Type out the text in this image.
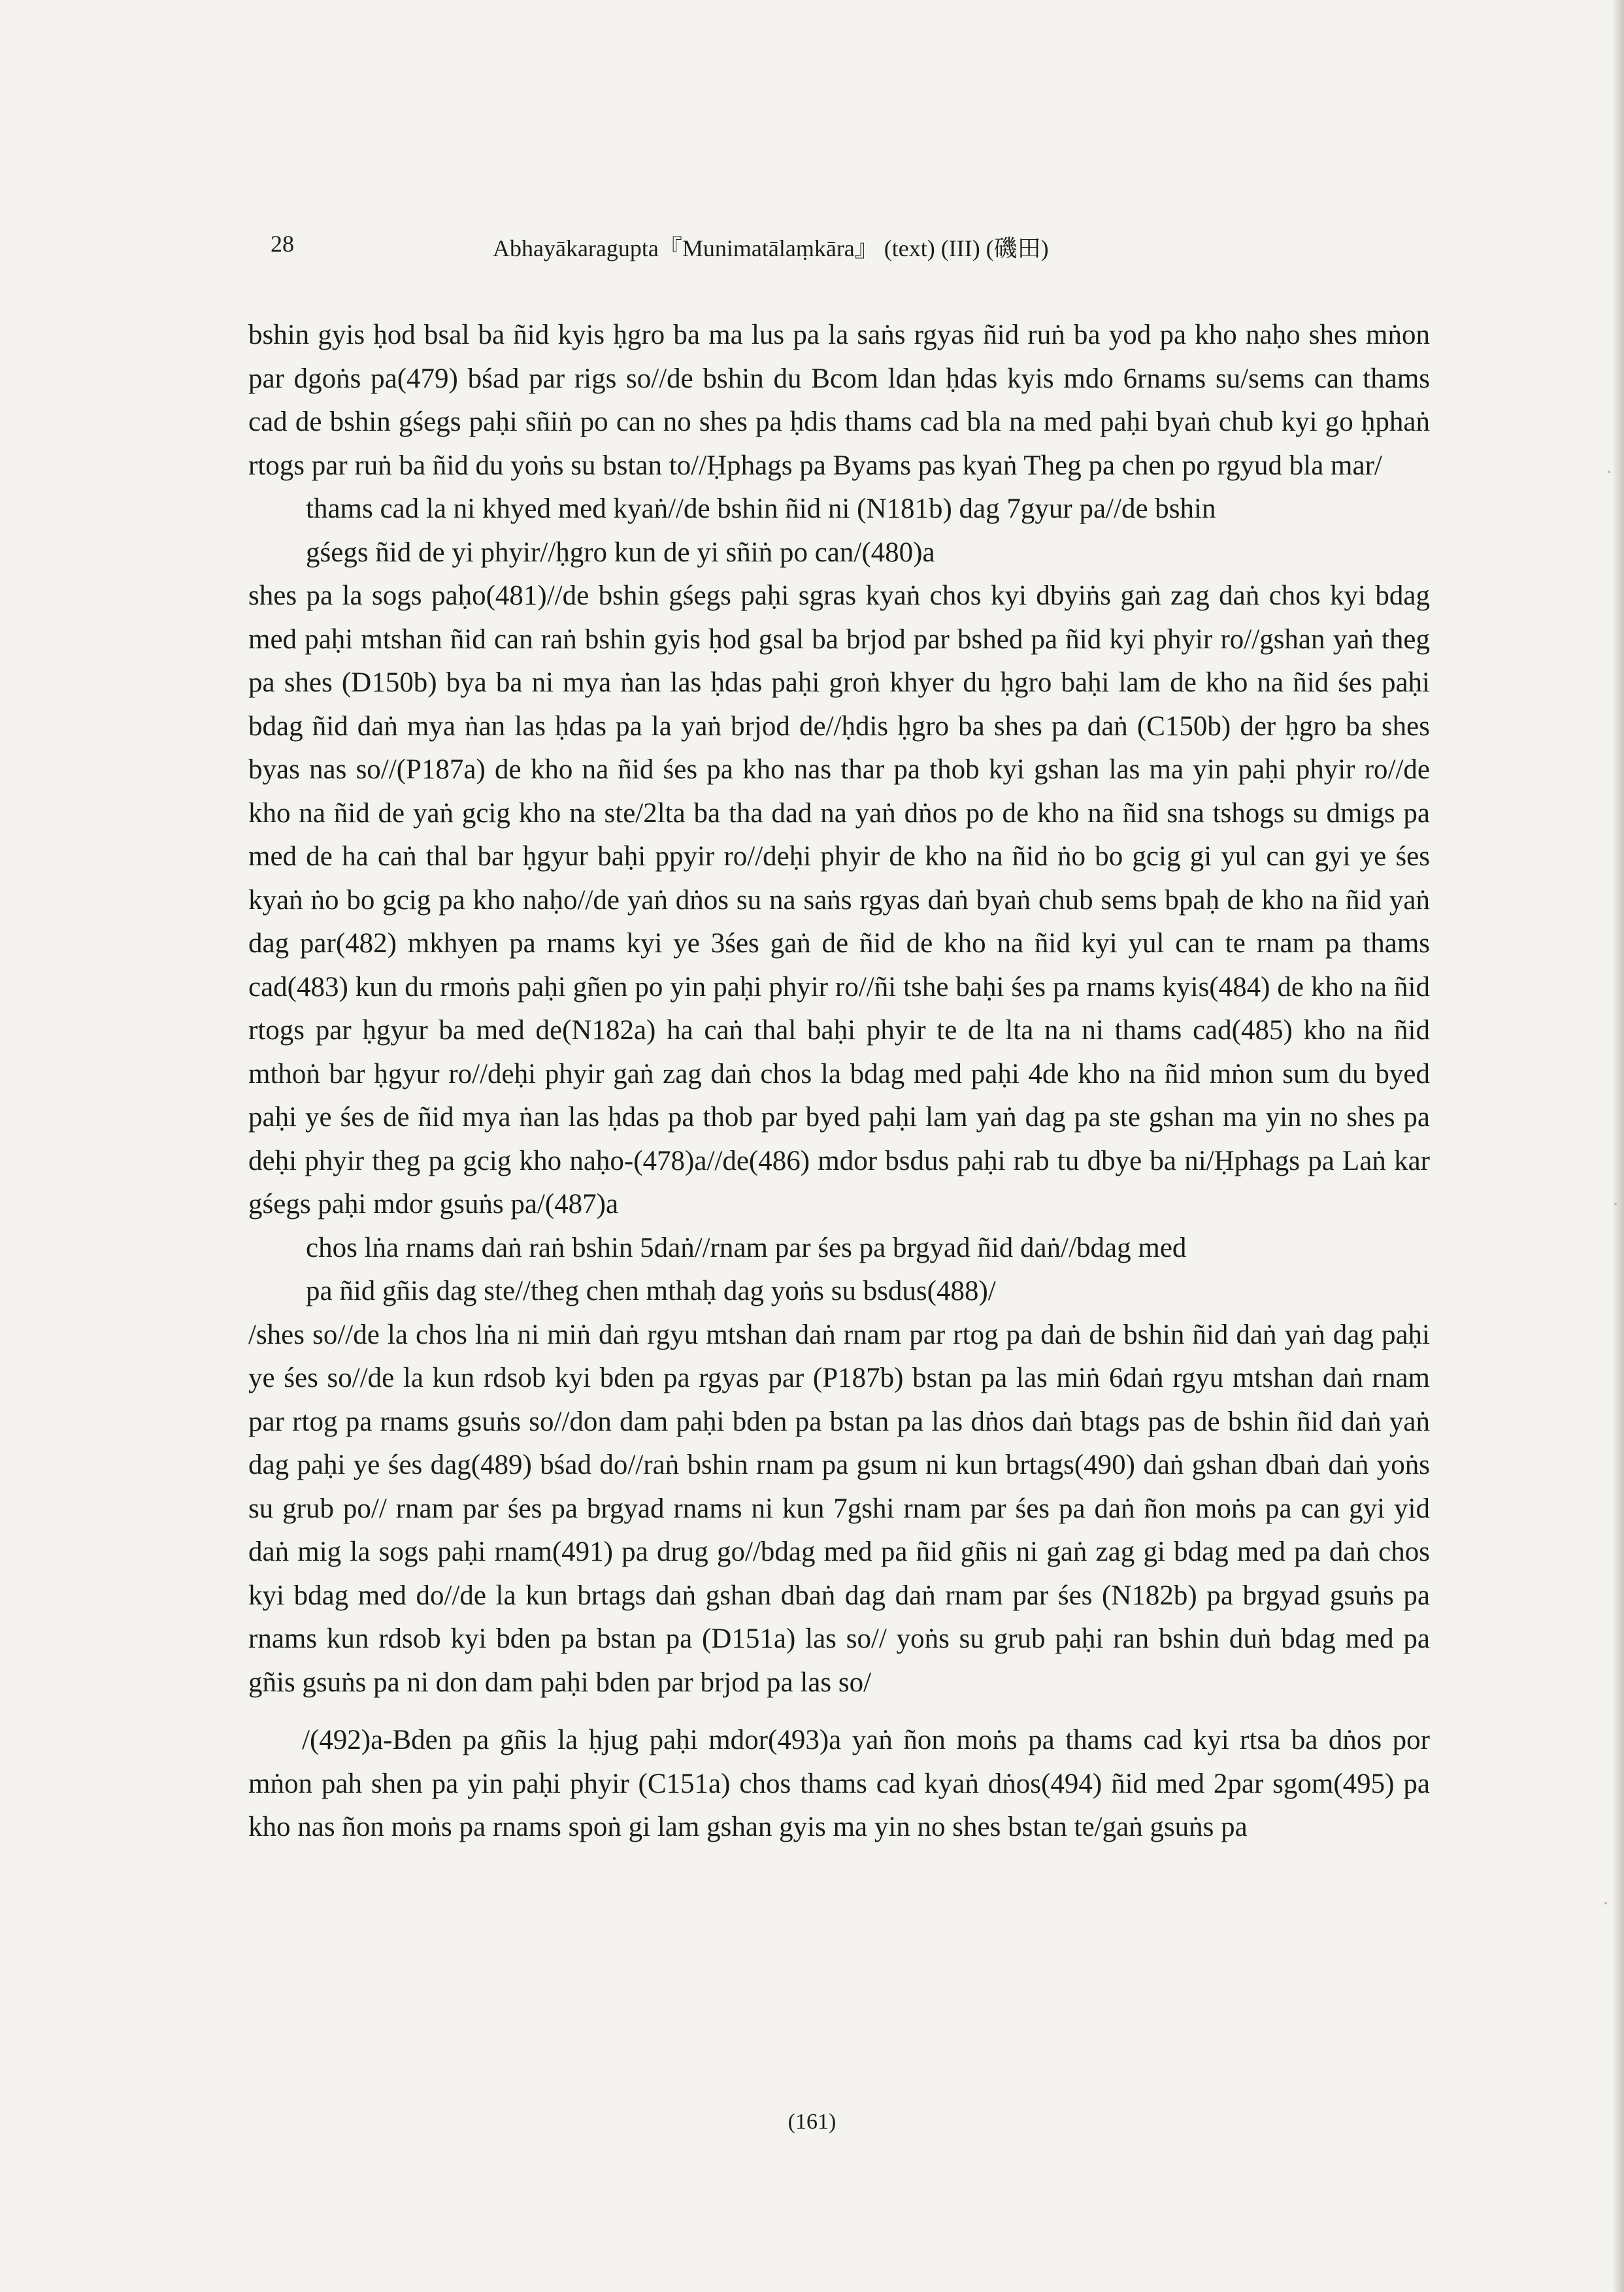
28	Abhayākaragupta『Munimatālaṃkāra』 (text) (III) (磯田)

bshin gyis ḥod bsal ba ñid kyis ḥgro ba ma lus pa la saṅs rgyas ñid ruṅ ba yod pa kho naḥo shes mṅon par dgoṅs pa(479) bśad par rigs so//de bshin du Bcom ldan ḥdas kyis mdo 6rnams su/sems can thams cad de bshin gśegs paḥi sñiṅ po can no shes pa ḥdis thams cad bla na med paḥi byaṅ chub kyi go ḥphaṅ rtogs par ruṅ ba ñid du yoṅs su bstan to//Ḥphags pa Byams pas kyaṅ Theg pa chen po rgyud bla mar/

thams cad la ni khyed med kyaṅ//de bshin ñid ni (N181b) dag 7gyur pa//de bshin

gśegs ñid de yi phyir//ḥgro kun de yi sñiṅ po can/(480)a

shes pa la sogs paḥo(481)//de bshin gśegs paḥi sgras kyaṅ chos kyi dbyiṅs gaṅ zag daṅ chos kyi bdag med paḥi mtshan ñid can raṅ bshin gyis ḥod gsal ba brjod par bshed pa ñid kyi phyir ro//gshan yaṅ theg pa shes (D150b) bya ba ni mya ṅan las ḥdas paḥi groṅ khyer du ḥgro baḥi lam de kho na ñid śes paḥi bdag ñid daṅ mya ṅan las ḥdas pa la yaṅ brjod de//ḥdis ḥgro ba shes pa daṅ (C150b) der ḥgro ba shes byas nas so//(P187a) de kho na ñid śes pa kho nas thar pa thob kyi gshan las ma yin paḥi phyir ro//de kho na ñid de yaṅ gcig kho na ste/2lta ba tha dad na yaṅ dṅos po de kho na ñid sna tshogs su dmigs pa med de ha caṅ thal bar ḥgyur baḥi ppyir ro//deḥi phyir de kho na ñid ṅo bo gcig gi yul can gyi ye śes kyaṅ ṅo bo gcig pa kho naḥo//de yaṅ dṅos su na saṅs rgyas daṅ byaṅ chub sems bpaḥ de kho na ñid yaṅ dag par(482) mkhyen pa rnams kyi ye 3śes gaṅ de ñid de kho na ñid kyi yul can te rnam pa thams cad(483) kun du rmoṅs paḥi gñen po yin paḥi phyir ro//ñi tshe baḥi śes pa rnams kyis(484) de kho na ñid rtogs par ḥgyur ba med de(N182a) ha caṅ thal baḥi phyir te de lta na ni thams cad(485) kho na ñid mthoṅ bar ḥgyur ro//deḥi phyir gaṅ zag daṅ chos la bdag med paḥi 4de kho na ñid mṅon sum du byed paḥi ye śes de ñid mya ṅan las ḥdas pa thob par byed paḥi lam yaṅ dag pa ste gshan ma yin no shes pa deḥi phyir theg pa gcig kho naḥo-(478)a//de(486) mdor bsdus paḥi rab tu dbye ba ni/Ḥphags pa Laṅ kar gśegs paḥi mdor gsuṅs pa/(487)a

chos lṅa rnams daṅ raṅ bshin 5daṅ//rnam par śes pa brgyad ñid daṅ//bdag med

pa ñid gñis dag ste//theg chen mthaḥ dag yoṅs su bsdus(488)/

/shes so//de la chos lṅa ni miṅ daṅ rgyu mtshan daṅ rnam par rtog pa daṅ de bshin ñid daṅ yaṅ dag paḥi ye śes so//de la kun rdsob kyi bden pa rgyas par (P187b) bstan pa las miṅ 6daṅ rgyu mtshan daṅ rnam par rtog pa rnams gsuṅs so//don dam paḥi bden pa bstan pa las dṅos daṅ btags pas de bshin ñid daṅ yaṅ dag paḥi ye śes dag(489) bśad do//raṅ bshin rnam pa gsum ni kun brtags(490) daṅ gshan dbaṅ daṅ yoṅs su grub po// rnam par śes pa brgyad rnams ni kun 7gshi rnam par śes pa daṅ ñon moṅs pa can gyi yid daṅ mig la sogs paḥi rnam(491) pa drug go//bdag med pa ñid gñis ni gaṅ zag gi bdag med pa daṅ chos kyi bdag med do//de la kun brtags daṅ gshan dbaṅ dag daṅ rnam par śes (N182b) pa brgyad gsuṅs pa rnams kun rdsob kyi bden pa bstan pa (D151a) las so// yoṅs su grub paḥi ran bshin duṅ bdag med pa gñis gsuṅs pa ni don dam paḥi bden par brjod pa las so/

/(492)a-Bden pa gñis la ḥjug paḥi mdor(493)a yaṅ ñon moṅs pa thams cad kyi rtsa ba dṅos por mṅon pah shen pa yin paḥi phyir (C151a) chos thams cad kyaṅ dṅos(494) ñid med 2par sgom(495) pa kho nas ñon moṅs pa rnams spoṅ gi lam gshan gyis ma yin no shes bstan te/gaṅ gsuṅs pa

(161)
